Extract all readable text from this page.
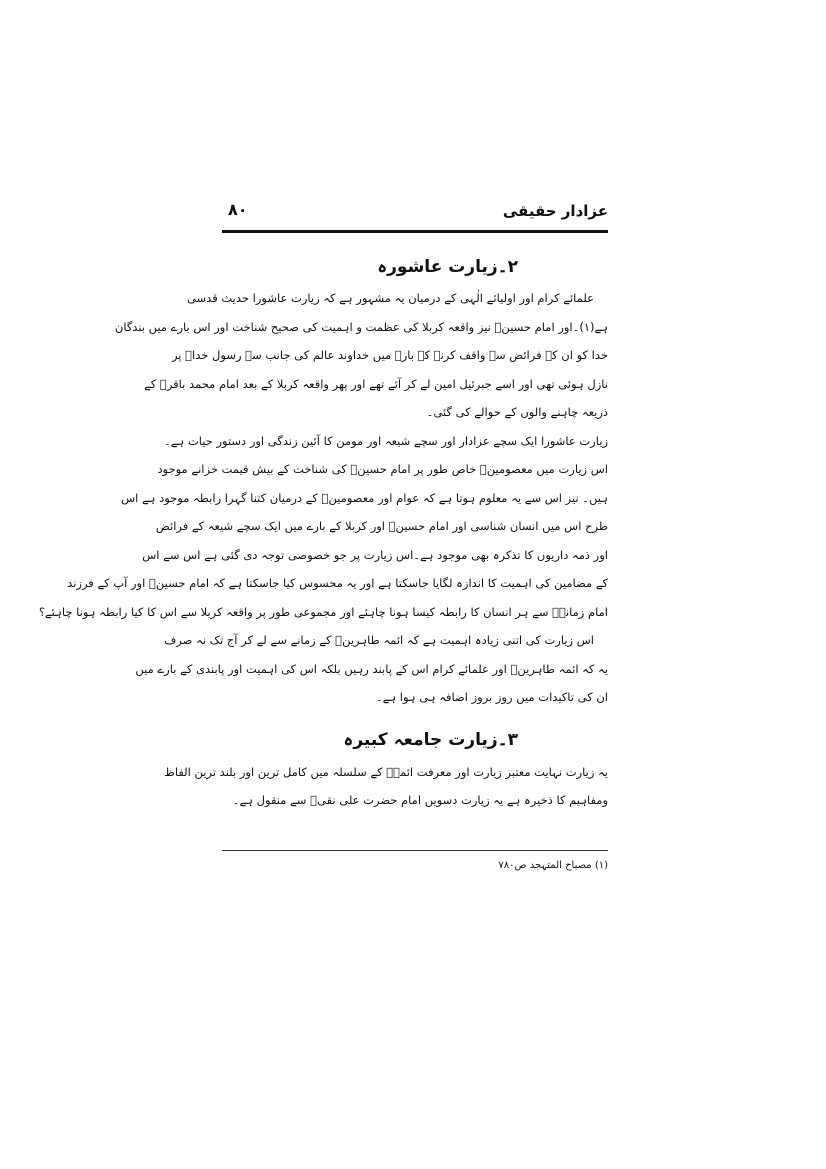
عزادار حقیقی
۸۰
۲۔زیارت عاشورہ

علمائے کرام اور اولیائے الٰہی کے درمیان یہ مشہور ہے کہ زیارت عاشورا حدیث قدسی
ہے(۱)۔اور امام حسینؑ نیز واقعہ کربلا کی عظمت و اہمیت کی صحیح شناخت اور اس بارے میں بندگان
خدا کو ان کے فرائض سے واقف کرنے کے بارے میں خداوند عالم کی جانب سے رسول خداؐ پر
نازل ہوئی تھی اور اسے جبرئیل امین لے کر آئے تھے اور پھر واقعہ کربلا کے بعد امام محمد باقرؑ کے
ذریعہ چاہنے والوں کے حوالے کی گئی۔

زیارت عاشورا ایک سچے عزادار اور سچے شیعہ اور مومن کا آئین زندگی اور دستور حیات ہے۔
اس زیارت میں معصومینؑ خاص طور پر امام حسینؑ کی شناخت کے بیش قیمت خزانے موجود
ہیں۔ نیز اس سے یہ معلوم ہوتا ہے کہ عوام اور معصومینؑ کے درمیان کتنا گہرا رابطہ موجود ہے اس
طرح اس میں انسان شناسی اور امام حسینؑ اور کربلا کے بارے میں ایک سچے شیعہ کے فرائض
اور ذمہ داریوں کا تذکرہ بھی موجود ہے۔اس زیارت پر جو خصوصی توجہ دی گئی ہے اس سے اس
کے مضامین کی اہمیت کا اندازہ لگایا جاسکتا ہے اور یہ محسوس کیا جاسکتا ہے کہ امام حسینؑ اور آپ کے فرزند
امام زمانہؑ سے ہر انسان کا رابطہ کیسا ہونا چاہئے اور مجموعی طور پر واقعہ کربلا سے اس کا کیا رابطہ ہونا چاہئے؟

اس زیارت کی اتنی زیادہ اہمیت ہے کہ ائمہ طاہرینؑ کے زمانے سے لے کر آج تک نہ صرف
یہ کہ ائمہ طاہرینؑ اور علمائے کرام اس کے پابند رہیں بلکہ اس کی اہمیت اور پابندی کے بارے میں
ان کی تاکیدات میں روز بروز اضافہ ہی ہوا ہے۔

۳۔زیارت جامعہ کبیرہ

یہ زیارت نہایت معتبر زیارت اور معرفت ائمہؑ کے سلسلہ میں کامل ترین اور بلند ترین الفاظ
ومفاہیم کا ذخیرہ ہے یہ زیارت دسویں امام حضرت علی نقیؑ سے منقول ہے۔

(۱) مصباح المتہجد ص۷۸۰
